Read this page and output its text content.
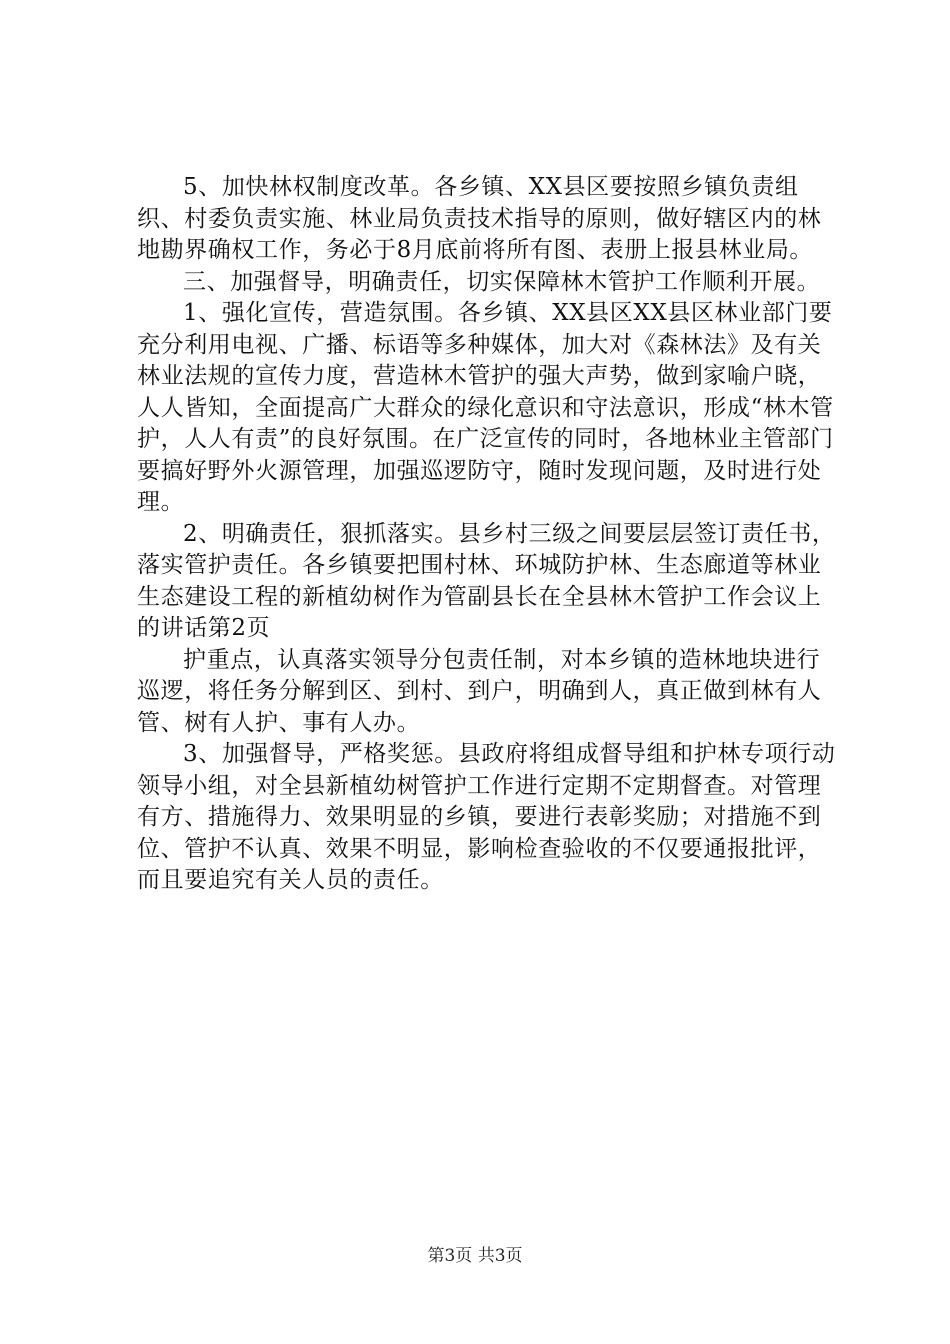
5、加快林权制度改革。各乡镇、XX县区要按照乡镇负责组织、村委负责实施、林业局负责技术指导的原则，做好辖区内的林地勘界确权工作，务必于8月底前将所有图、表册上报县林业局。

三、加强督导，明确责任，切实保障林木管护工作顺利开展。

1、强化宣传，营造氛围。各乡镇、XX县区XX县区林业部门要充分利用电视、广播、标语等多种媒体，加大对《森林法》及有关林业法规的宣传力度，营造林木管护的强大声势，做到家喻户晓，人人皆知，全面提高广大群众的绿化意识和守法意识，形成“林木管护，人人有责”的良好氛围。在广泛宣传的同时，各地林业主管部门要搞好野外火源管理，加强巡逻防守，随时发现问题，及时进行处理。

2、明确责任，狠抓落实。县乡村三级之间要层层签订责任书，落实管护责任。各乡镇要把围村林、环城防护林、生态廊道等林业生态建设工程的新植幼树作为管副县长在全县林木管护工作会议上的讲话第2页

护重点，认真落实领导分包责任制，对本乡镇的造林地块进行巡逻，将任务分解到区、到村、到户，明确到人，真正做到林有人管、树有人护、事有人办。

3、加强督导，严格奖惩。县政府将组成督导组和护林专项行动领导小组，对全县新植幼树管护工作进行定期不定期督查。对管理有方、措施得力、效果明显的乡镇，要进行表彰奖励；对措施不到位、管护不认真、效果不明显，影响检查验收的不仅要通报批评，而且要追究有关人员的责任。

第3页 共3页
